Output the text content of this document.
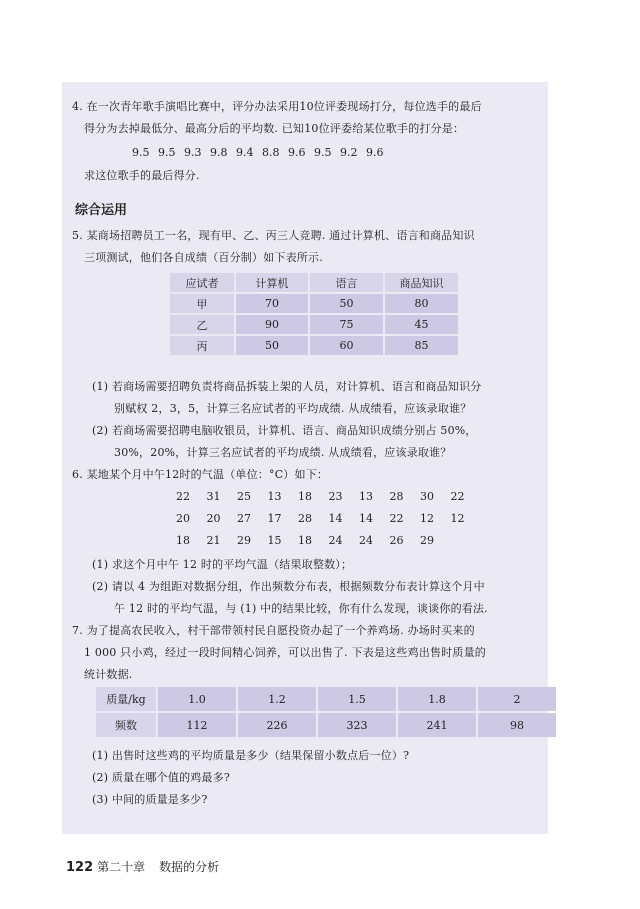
4. 在一次青年歌手演唱比赛中，评分办法采用10位评委现场打分，每位选手的最后
得分为去掉最低分、最高分后的平均数. 已知10位评委给某位歌手的打分是：
9.5 9.5 9.3 9.8 9.4 8.8 9.6 9.5 9.2 9.6
求这位歌手的最后得分.
综合运用
5. 某商场招聘员工一名，现有甲、乙、丙三人竞聘. 通过计算机、语言和商品知识
三项测试，他们各自成绩（百分制）如下表所示.
应试者	计算机	语言	商品知识
甲	70	50	80
乙	90	75	45
丙	50	60	85
(1) 若商场需要招聘负责将商品拆装上架的人员，对计算机、语言和商品知识分
别赋权 2，3，5，计算三名应试者的平均成绩. 从成绩看，应该录取谁？
(2) 若商场需要招聘电脑收银员，计算机、语言、商品知识成绩分别占 50%，
30%，20%，计算三名应试者的平均成绩. 从成绩看，应该录取谁？
6. 某地某个月中午12时的气温（单位：°C）如下：
22 31 25 13 18 23 13 28 30 22
20 20 27 17 28 14 14 22 12 12
18 21 29 15 18 24 24 26 29
(1) 求这个月中午 12 时的平均气温（结果取整数）；
(2) 请以 4 为组距对数据分组，作出频数分布表，根据频数分布表计算这个月中
午 12 时的平均气温，与 (1) 中的结果比较，你有什么发现，谈谈你的看法.
7. 为了提高农民收入，村干部带领村民自愿投资办起了一个养鸡场. 办场时买来的
1 000 只小鸡，经过一段时间精心饲养，可以出售了. 下表是这些鸡出售时质量的
统计数据.
质量/kg	1.0	1.2	1.5	1.8	2
频数	112	226	323	241	98
(1) 出售时这些鸡的平均质量是多少（结果保留小数点后一位）?
(2) 质量在哪个值的鸡最多?
(3) 中间的质量是多少?
122 第二十章 数据的分析
